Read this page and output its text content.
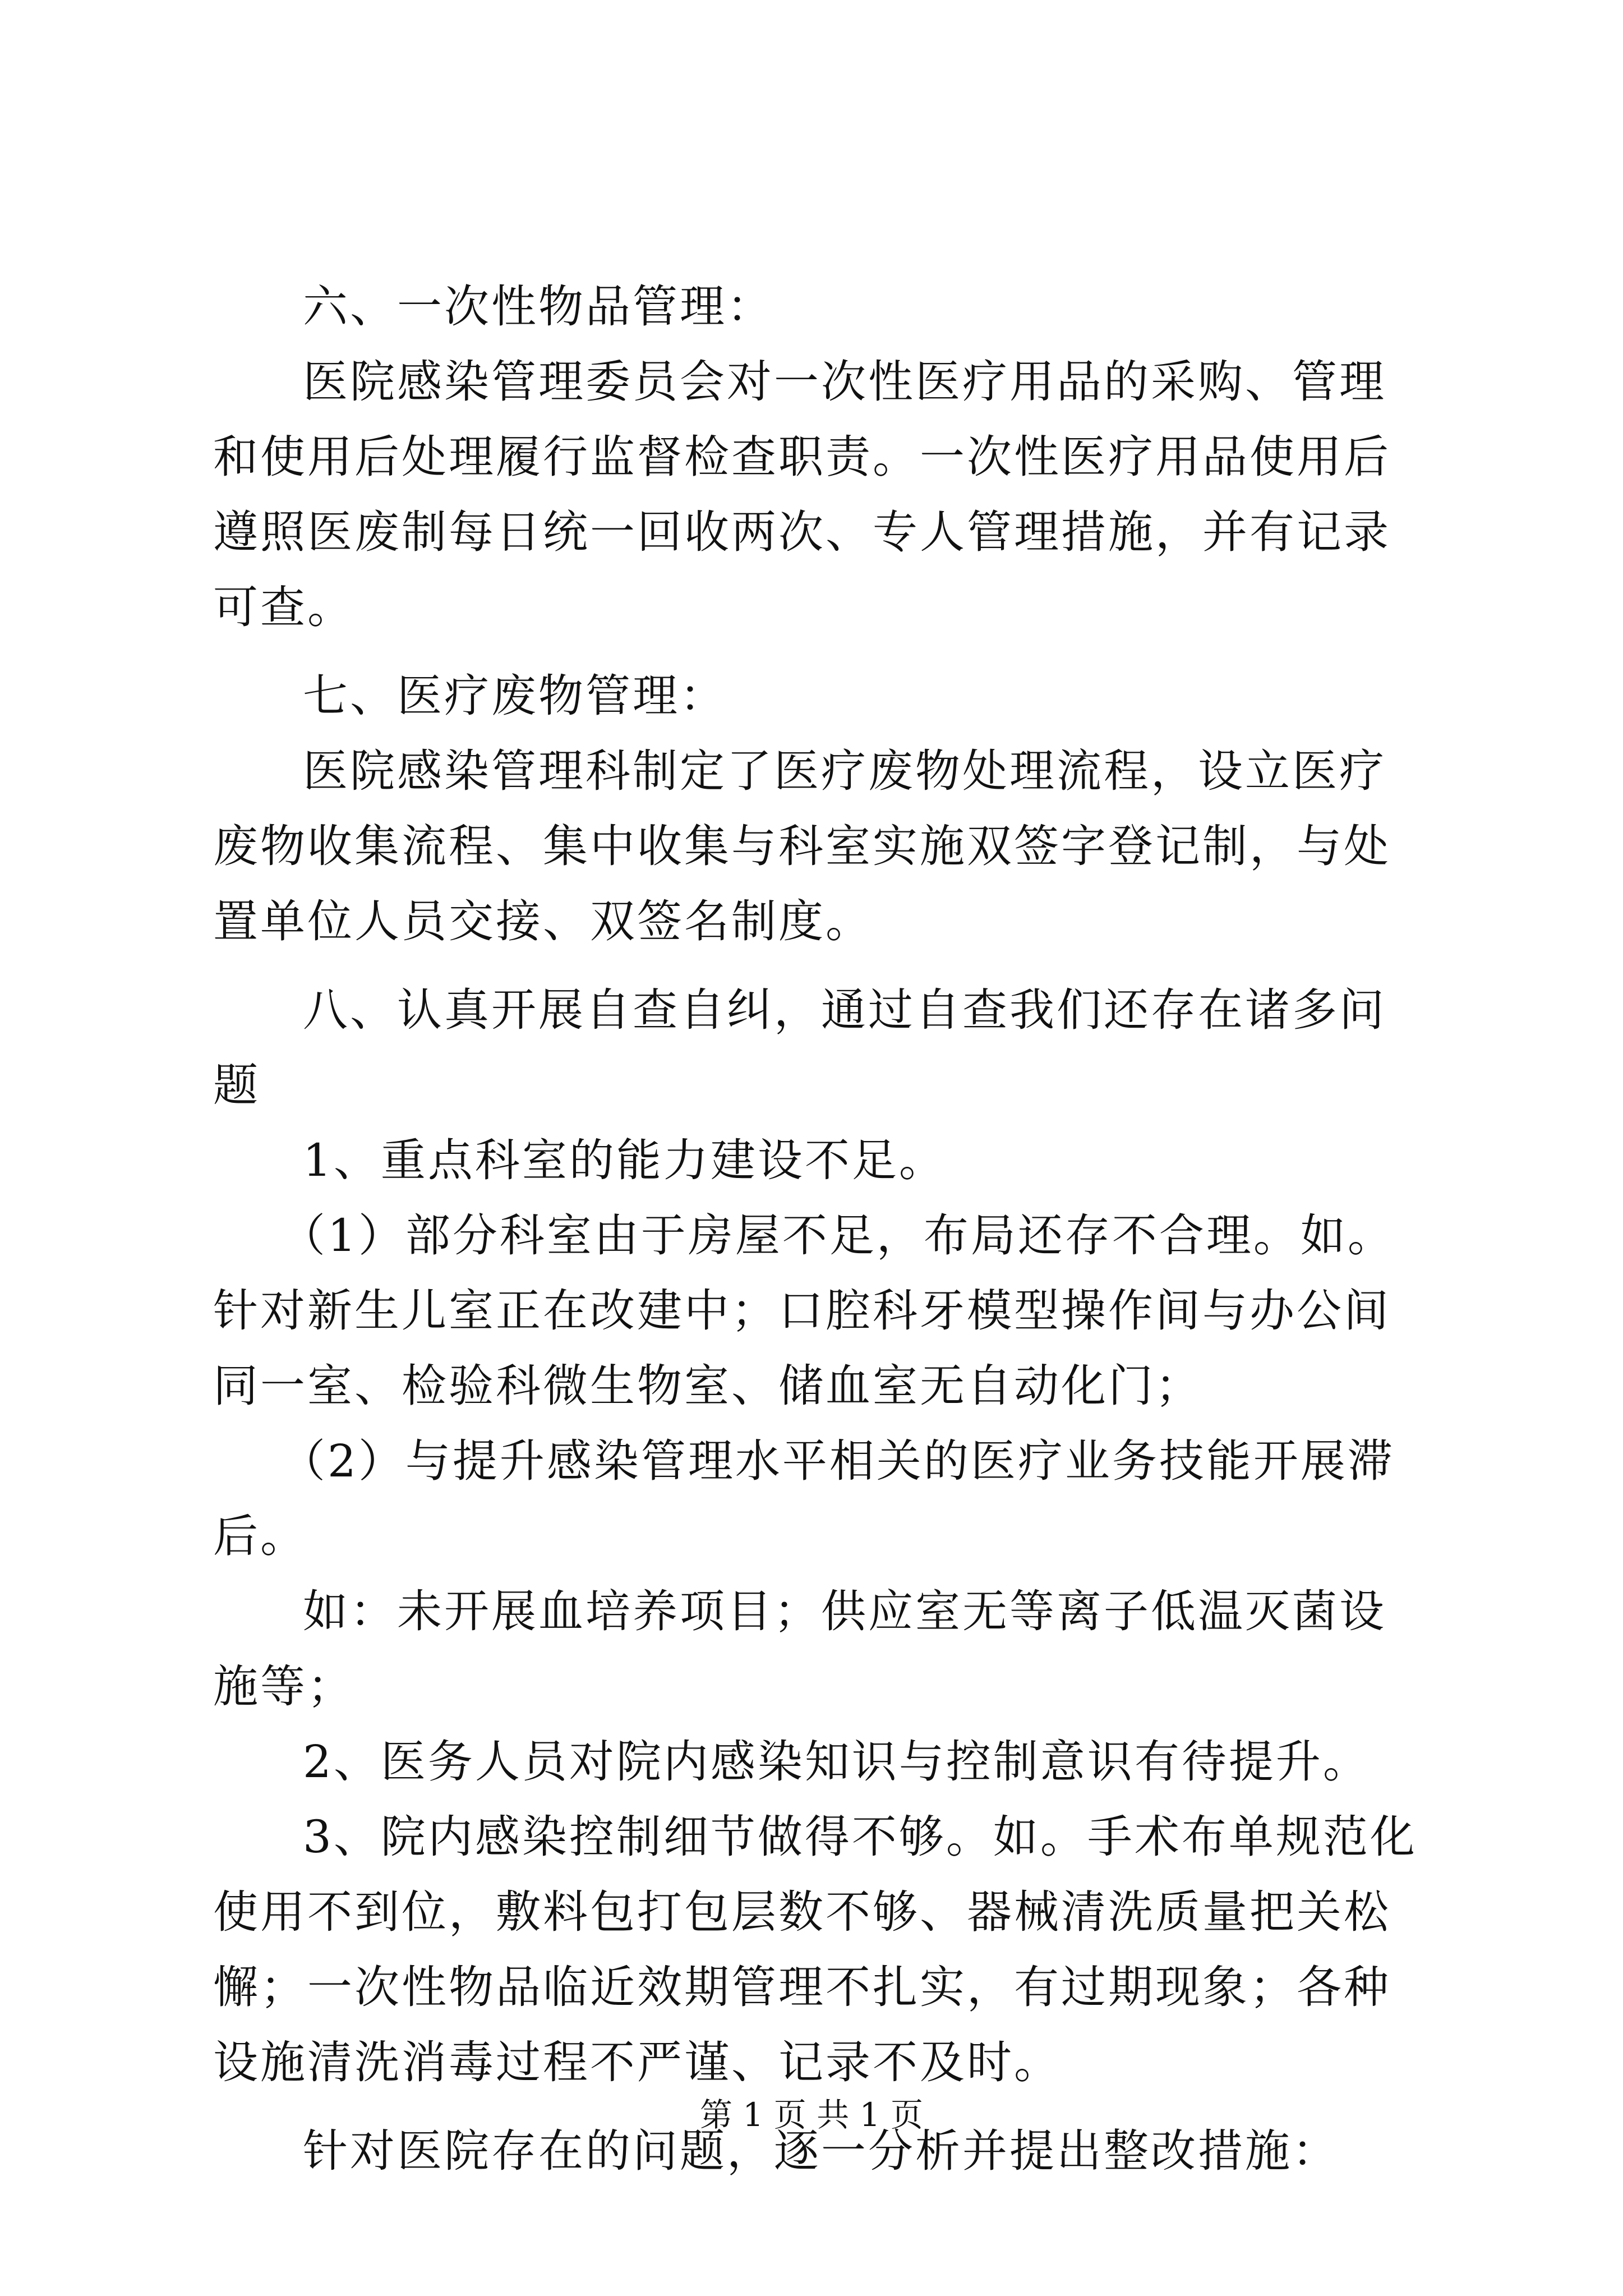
六、一次性物品管理：

医院感染管理委员会对一次性医疗用品的采购、管理和使用后处理履行监督检查职责。一次性医疗用品使用后遵照医废制每日统一回收两次、专人管理措施，并有记录可查。

七、医疗废物管理：

医院感染管理科制定了医疗废物处理流程，设立医疗废物收集流程、集中收集与科室实施双签字登记制，与处置单位人员交接、双签名制度。

八、认真开展自查自纠，通过自查我们还存在诸多问题

1、重点科室的能力建设不足。

（1）部分科室由于房屋不足，布局还存不合理。如。针对新生儿室正在改建中；口腔科牙模型操作间与办公间同一室、检验科微生物室、储血室无自动化门；

（2）与提升感染管理水平相关的医疗业务技能开展滞后。

如：未开展血培养项目；供应室无等离子低温灭菌设施等；

2、医务人员对院内感染知识与控制意识有待提升。

3、院内感染控制细节做得不够。如。手术布单规范化使用不到位，敷料包打包层数不够、器械清洗质量把关松懈；一次性物品临近效期管理不扎实，有过期现象；各种设施清洗消毒过程不严谨、记录不及时。

针对医院存在的问题，逐一分析并提出整改措施：

第 1 页 共 1 页
